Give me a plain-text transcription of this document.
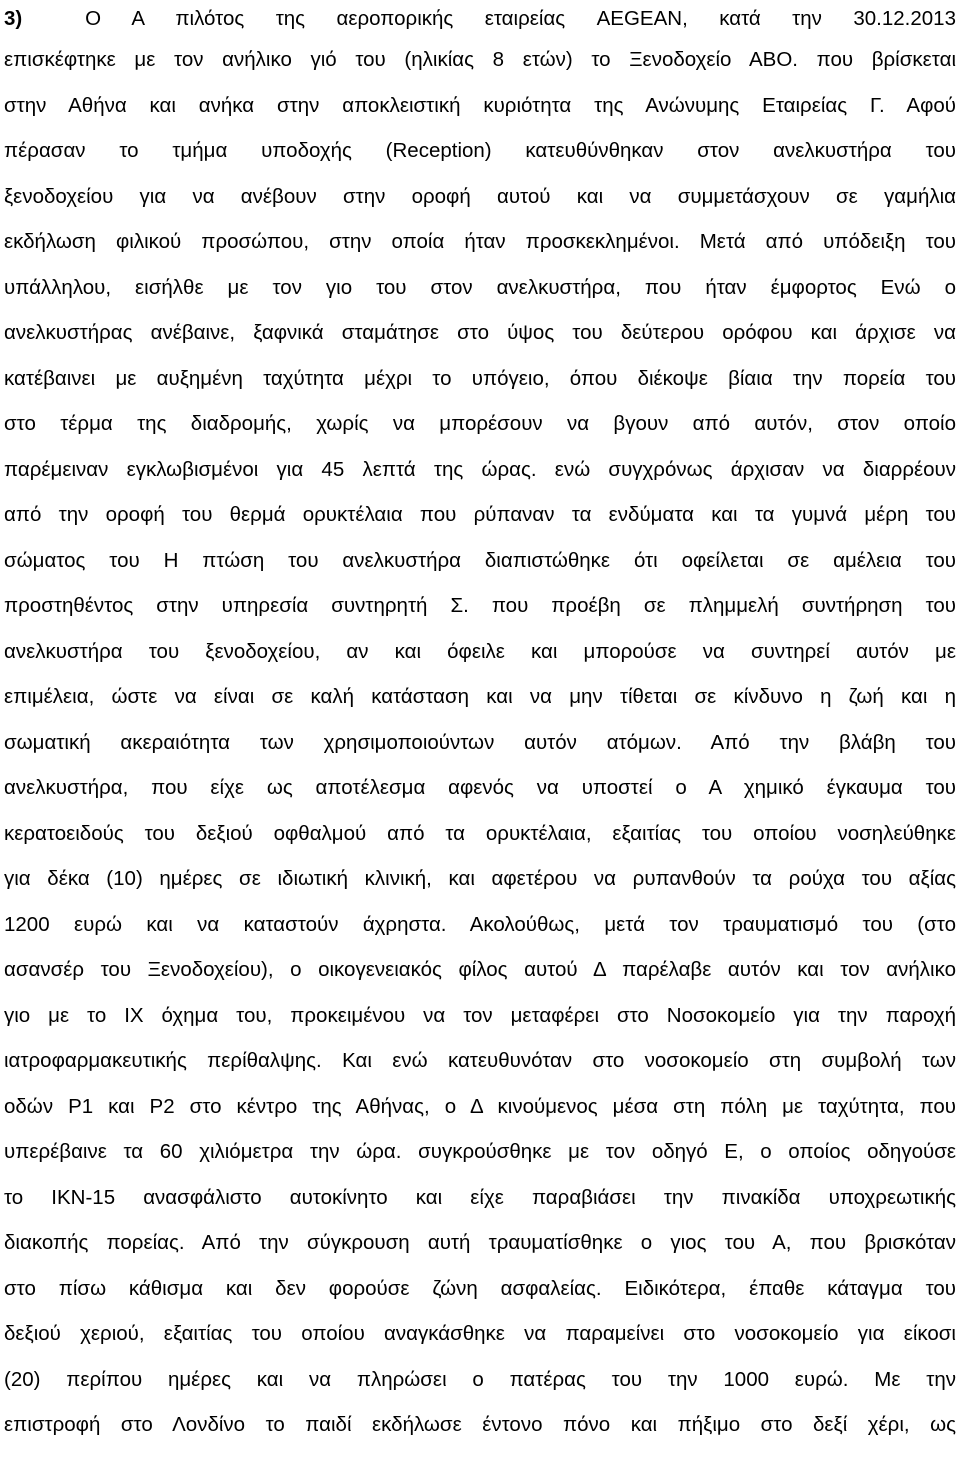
3)	Ο Α πιλότος της αεροπορικής εταιρείας AEGEAN, κατά την 30.12.2013
επισκέφτηκε με τον ανήλικο γιό του (ηλικίας 8 ετών) το Ξενοδοχείο ΑΒΟ. που βρίσκεται
στην Αθήνα και ανήκα στην αποκλειστική κυριότητα της Ανώνυμης Εταιρείας Γ. Αφού
πέρασαν το τμήμα υποδοχής (Reception) κατευθύνθηκαν στον ανελκυστήρα του
ξενοδοχείου για να ανέβουν στην οροφή αυτού και να συμμετάσχουν σε γαμήλια
εκδήλωση φιλικού προσώπου, στην οποία ήταν προσκεκλημένοι. Μετά από υπόδειξη του
υπάλληλου, εισήλθε με τον γιο του στον ανελκυστήρα, που ήταν έμφορτος Ενώ ο
ανελκυστήρας ανέβαινε, ξαφνικά σταμάτησε στο ύψος του δεύτερου ορόφου και άρχισε να
κατέβαινει με αυξημένη ταχύτητα μέχρι το υπόγειο, όπου διέκοψε βίαια την πορεία του
στο τέρμα της διαδρομής, χωρίς να μπορέσουν να βγουν από αυτόν, στον οποίο
παρέμειναν εγκλωβισμένοι για 45 λεπτά της ώρας. ενώ συγχρόνως άρχισαν να διαρρέουν
από την οροφή του θερμά ορυκτέλαια που ρύπαναν τα ενδύματα και τα γυμνά μέρη του
σώματος του Η πτώση του ανελκυστήρα διαπιστώθηκε ότι οφείλεται σε αμέλεια του
προστηθέντος στην υπηρεσία συντηρητή Σ. που προέβη σε πλημμελή συντήρηση του
ανελκυστήρα του ξενοδοχείου, αν και όφειλε και μπορούσε να συντηρεί αυτόν με
επιμέλεια, ώστε να είναι σε καλή κατάσταση και να μην τίθεται σε κίνδυνο η ζωή και η
σωματική ακεραιότητα των χρησιμοποιούντων αυτόν ατόμων. Από την βλάβη του
ανελκυστήρα, που είχε ως αποτέλεσμα αφενός να υποστεί ο Α χημικό έγκαυμα του
κερατοειδούς του δεξιού οφθαλμού από τα ορυκτέλαια, εξαιτίας του οποίου νοσηλεύθηκε
για δέκα (10) ημέρες σε ιδιωτική κλινική, και αφετέρου να ρυπανθούν τα ρούχα του αξίας
1200 ευρώ και να καταστούν άχρηστα. Ακολούθως, μετά τον τραυματισμό του (στο
ασανσέρ του Ξενοδοχείου), ο οικογενειακός φίλος αυτού Δ παρέλαβε αυτόν και τον ανήλικο
γιο με το ΙΧ όχημα του, προκειμένου να τον μεταφέρει στο Νοσοκομείο για την παροχή
ιατροφαρμακευτικής περίθαλψης. Και ενώ κατευθυνόταν στο νοσοκομείο στη συμβολή των
οδών Ρ1 και Ρ2 στο κέντρο της Αθήνας, ο Δ κινούμενος μέσα στη πόλη με ταχύτητα, που
υπερέβαινε τα 60 χιλιόμετρα την ώρα. συγκρούσθηκε με τον οδηγό Ε, ο οποίος οδηγούσε
το ΙΚΝ-15 ανασφάλιστο αυτοκίνητο και είχε παραβιάσει την πινακίδα υποχρεωτικής
διακοπής πορείας. Από την σύγκρουση αυτή τραυματίσθηκε ο γιος του Α, που βρισκόταν
στο πίσω κάθισμα και δεν φορούσε ζώνη ασφαλείας. Ειδικότερα, έπαθε κάταγμα του
δεξιού χεριού, εξαιτίας του οποίου αναγκάσθηκε να παραμείνει στο νοσοκομείο για είκοσι
(20) περίπου ημέρες και να πληρώσει ο πατέρας του την 1000 ευρώ. Με την
επιστροφή στο Λονδίνο το παιδί εκδήλωσε έντονο πόνο και πήξιμο στο δεξί χέρι, ως
